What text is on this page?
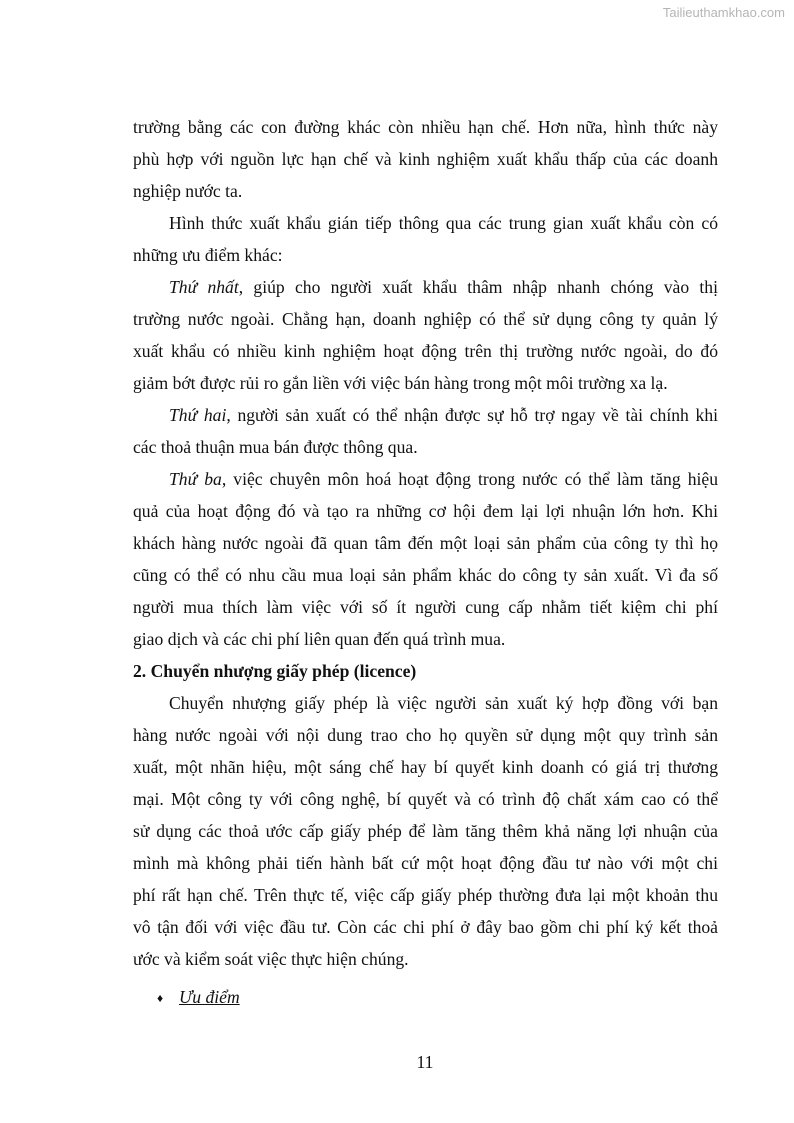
Tailieuthamkhao.com
trường bằng các con đường khác còn nhiều hạn chế. Hơn nữa, hình thức này
phù hợp với nguồn lực hạn chế và kinh nghiệm xuất khẩu thấp của các doanh
nghiệp nước ta.
Hình thức xuất khẩu gián tiếp thông qua các trung gian xuất khẩu còn có
những ưu điểm khác:
Thứ nhất, giúp cho người xuất khẩu thâm nhập nhanh chóng vào thị
trường nước ngoài. Chẳng hạn, doanh nghiệp có thể sử dụng công ty quản lý
xuất khẩu có nhiều kinh nghiệm hoạt động trên thị trường nước ngoài, do đó
giảm bớt được rủi ro gắn liền với việc bán hàng trong một môi trường xa lạ.
Thứ hai, người sản xuất có thể nhận được sự hỗ trợ ngay về tài chính khi
các thoả thuận mua bán được thông qua.
Thứ ba, việc chuyên môn hoá hoạt động trong nước có thể làm tăng hiệu
quả của hoạt động đó và tạo ra những cơ hội đem lại lợi nhuận lớn hơn. Khi
khách hàng nước ngoài đã quan tâm đến một loại sản phẩm của công ty thì họ
cũng có thể có nhu cầu mua loại sản phẩm khác do công ty sản xuất. Vì đa số
người mua thích làm việc với số ít người cung cấp nhằm tiết kiệm chi phí
giao dịch và các chi phí liên quan đến quá trình mua.
2. Chuyển nhượng giấy phép (licence)
Chuyển nhượng giấy phép là việc người sản xuất ký hợp đồng với bạn
hàng nước ngoài với nội dung trao cho họ quyền sử dụng một quy trình sản
xuất, một nhãn hiệu, một sáng chế hay bí quyết kinh doanh có giá trị thương
mại. Một công ty với công nghệ, bí quyết và có trình độ chất xám cao có thể
sử dụng các thoả ước cấp giấy phép để làm tăng thêm khả năng lợi nhuận của
mình mà không phải tiến hành bất cứ một hoạt động đầu tư nào với một chi
phí rất hạn chế. Trên thực tế, việc cấp giấy phép thường đưa lại một khoản thu
vô tận đối với việc đầu tư. Còn các chi phí ở đây bao gồm chi phí ký kết thoả
ước và kiểm soát việc thực hiện chúng.
♦ Ưu điểm
11
